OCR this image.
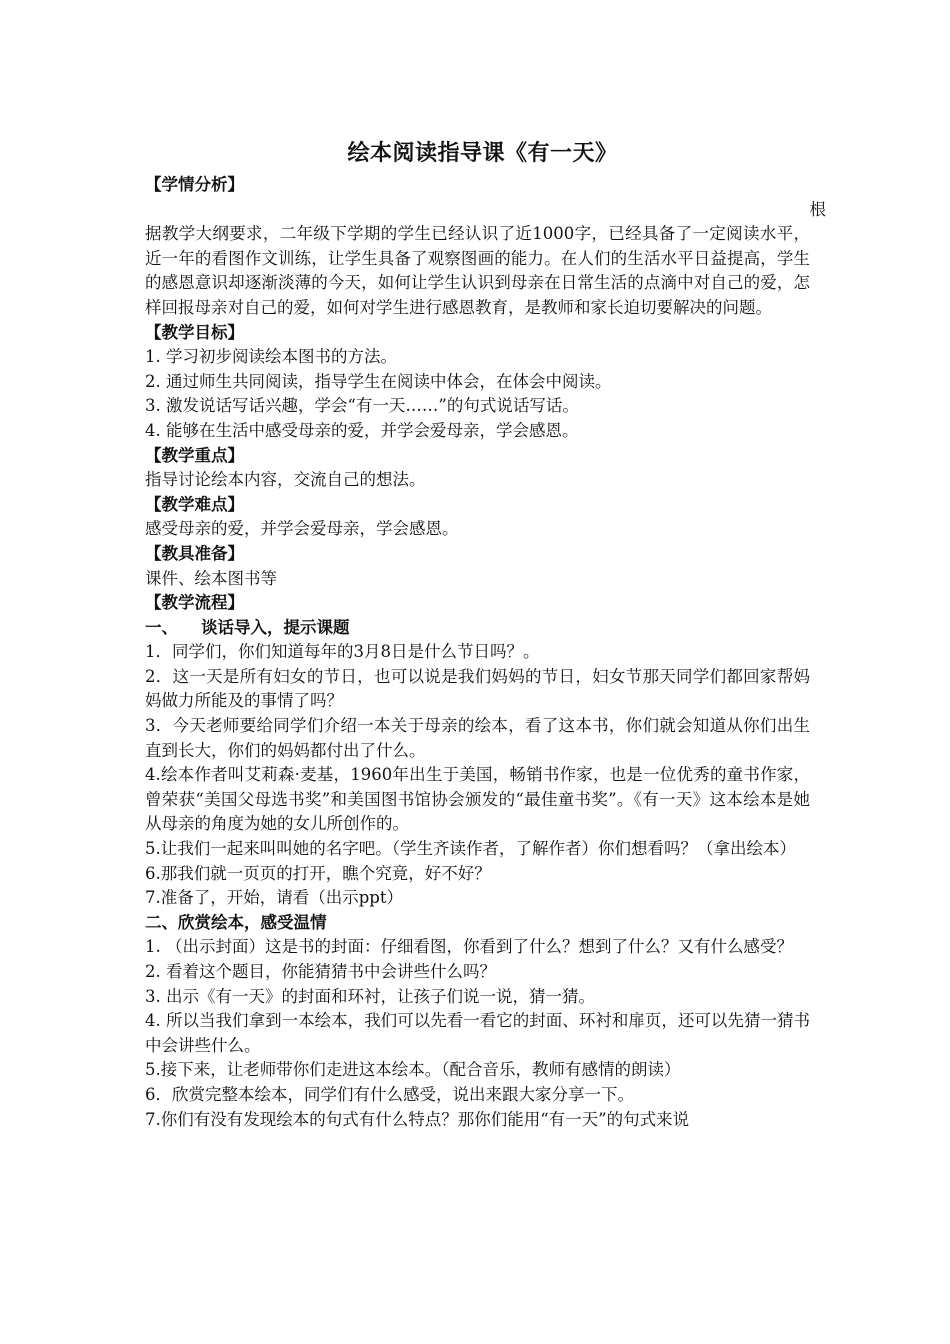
绘本阅读指导课《有一天》
【学情分析】
根

据教学大纲要求，二年级下学期的学生已经认识了近1000字，已经具备了一定阅读水平，近一年的看图作文训练，让学生具备了观察图画的能力。在人们的生活水平日益提高，学生的感恩意识却逐渐淡薄的今天，如何让学生认识到母亲在日常生活的点滴中对自己的爱，怎样回报母亲对自己的爱，如何对学生进行感恩教育，是教师和家长迫切要解决的问题。

【教学目标】

1. 学习初步阅读绘本图书的方法。

2. 通过师生共同阅读，指导学生在阅读中体会，在体会中阅读。

3. 激发说话写话兴趣，学会“有一天……”的句式说话写话。

4. 能够在生活中感受母亲的爱，并学会爱母亲，学会感恩。

【教学重点】

指导讨论绘本内容，交流自己的想法。

【教学难点】

感受母亲的爱，并学会爱母亲，学会感恩。

【教具准备】

课件、绘本图书等

【教学流程】
一、    谈话导入，提示课题

1．同学们，你们知道每年的3月8日是什么节日吗？。

2．这一天是所有妇女的节日，也可以说是我们妈妈的节日，妇女节那天同学们都回家帮妈妈做力所能及的事情了吗？

3．今天老师要给同学们介绍一本关于母亲的绘本，看了这本书，你们就会知道从你们出生直到长大，你们的妈妈都付出了什么。

4.绘本作者叫艾莉森·麦基，1960年出生于美国，畅销书作家，也是一位优秀的童书作家，曾荣获“美国父母选书奖”和美国图书馆协会颁发的“最佳童书奖”。《有一天》这本绘本是她从母亲的角度为她的女儿所创作的。

5.让我们一起来叫叫她的名字吧。（学生齐读作者，了解作者）你们想看吗？（拿出绘本）

6.那我们就一页页的打开，瞧个究竟，好不好？

7.准备了，开始，请看（出示ppt）

二、欣赏绘本，感受温情

1. （出示封面）这是书的封面：仔细看图，你看到了什么？想到了什么？又有什么感受？

2. 看着这个题目，你能猜猜书中会讲些什么吗？

3. 出示《有一天》的封面和环衬，让孩子们说一说，猜一猜。

4. 所以当我们拿到一本绘本，我们可以先看一看它的封面、环衬和扉页，还可以先猜一猜书中会讲些什么。

5.接下来，让老师带你们走进这本绘本。（配合音乐，教师有感情的朗读）

6．欣赏完整本绘本，同学们有什么感受，说出来跟大家分享一下。

7.你们有没有发现绘本的句式有什么特点？那你们能用“有一天”的句式来说
